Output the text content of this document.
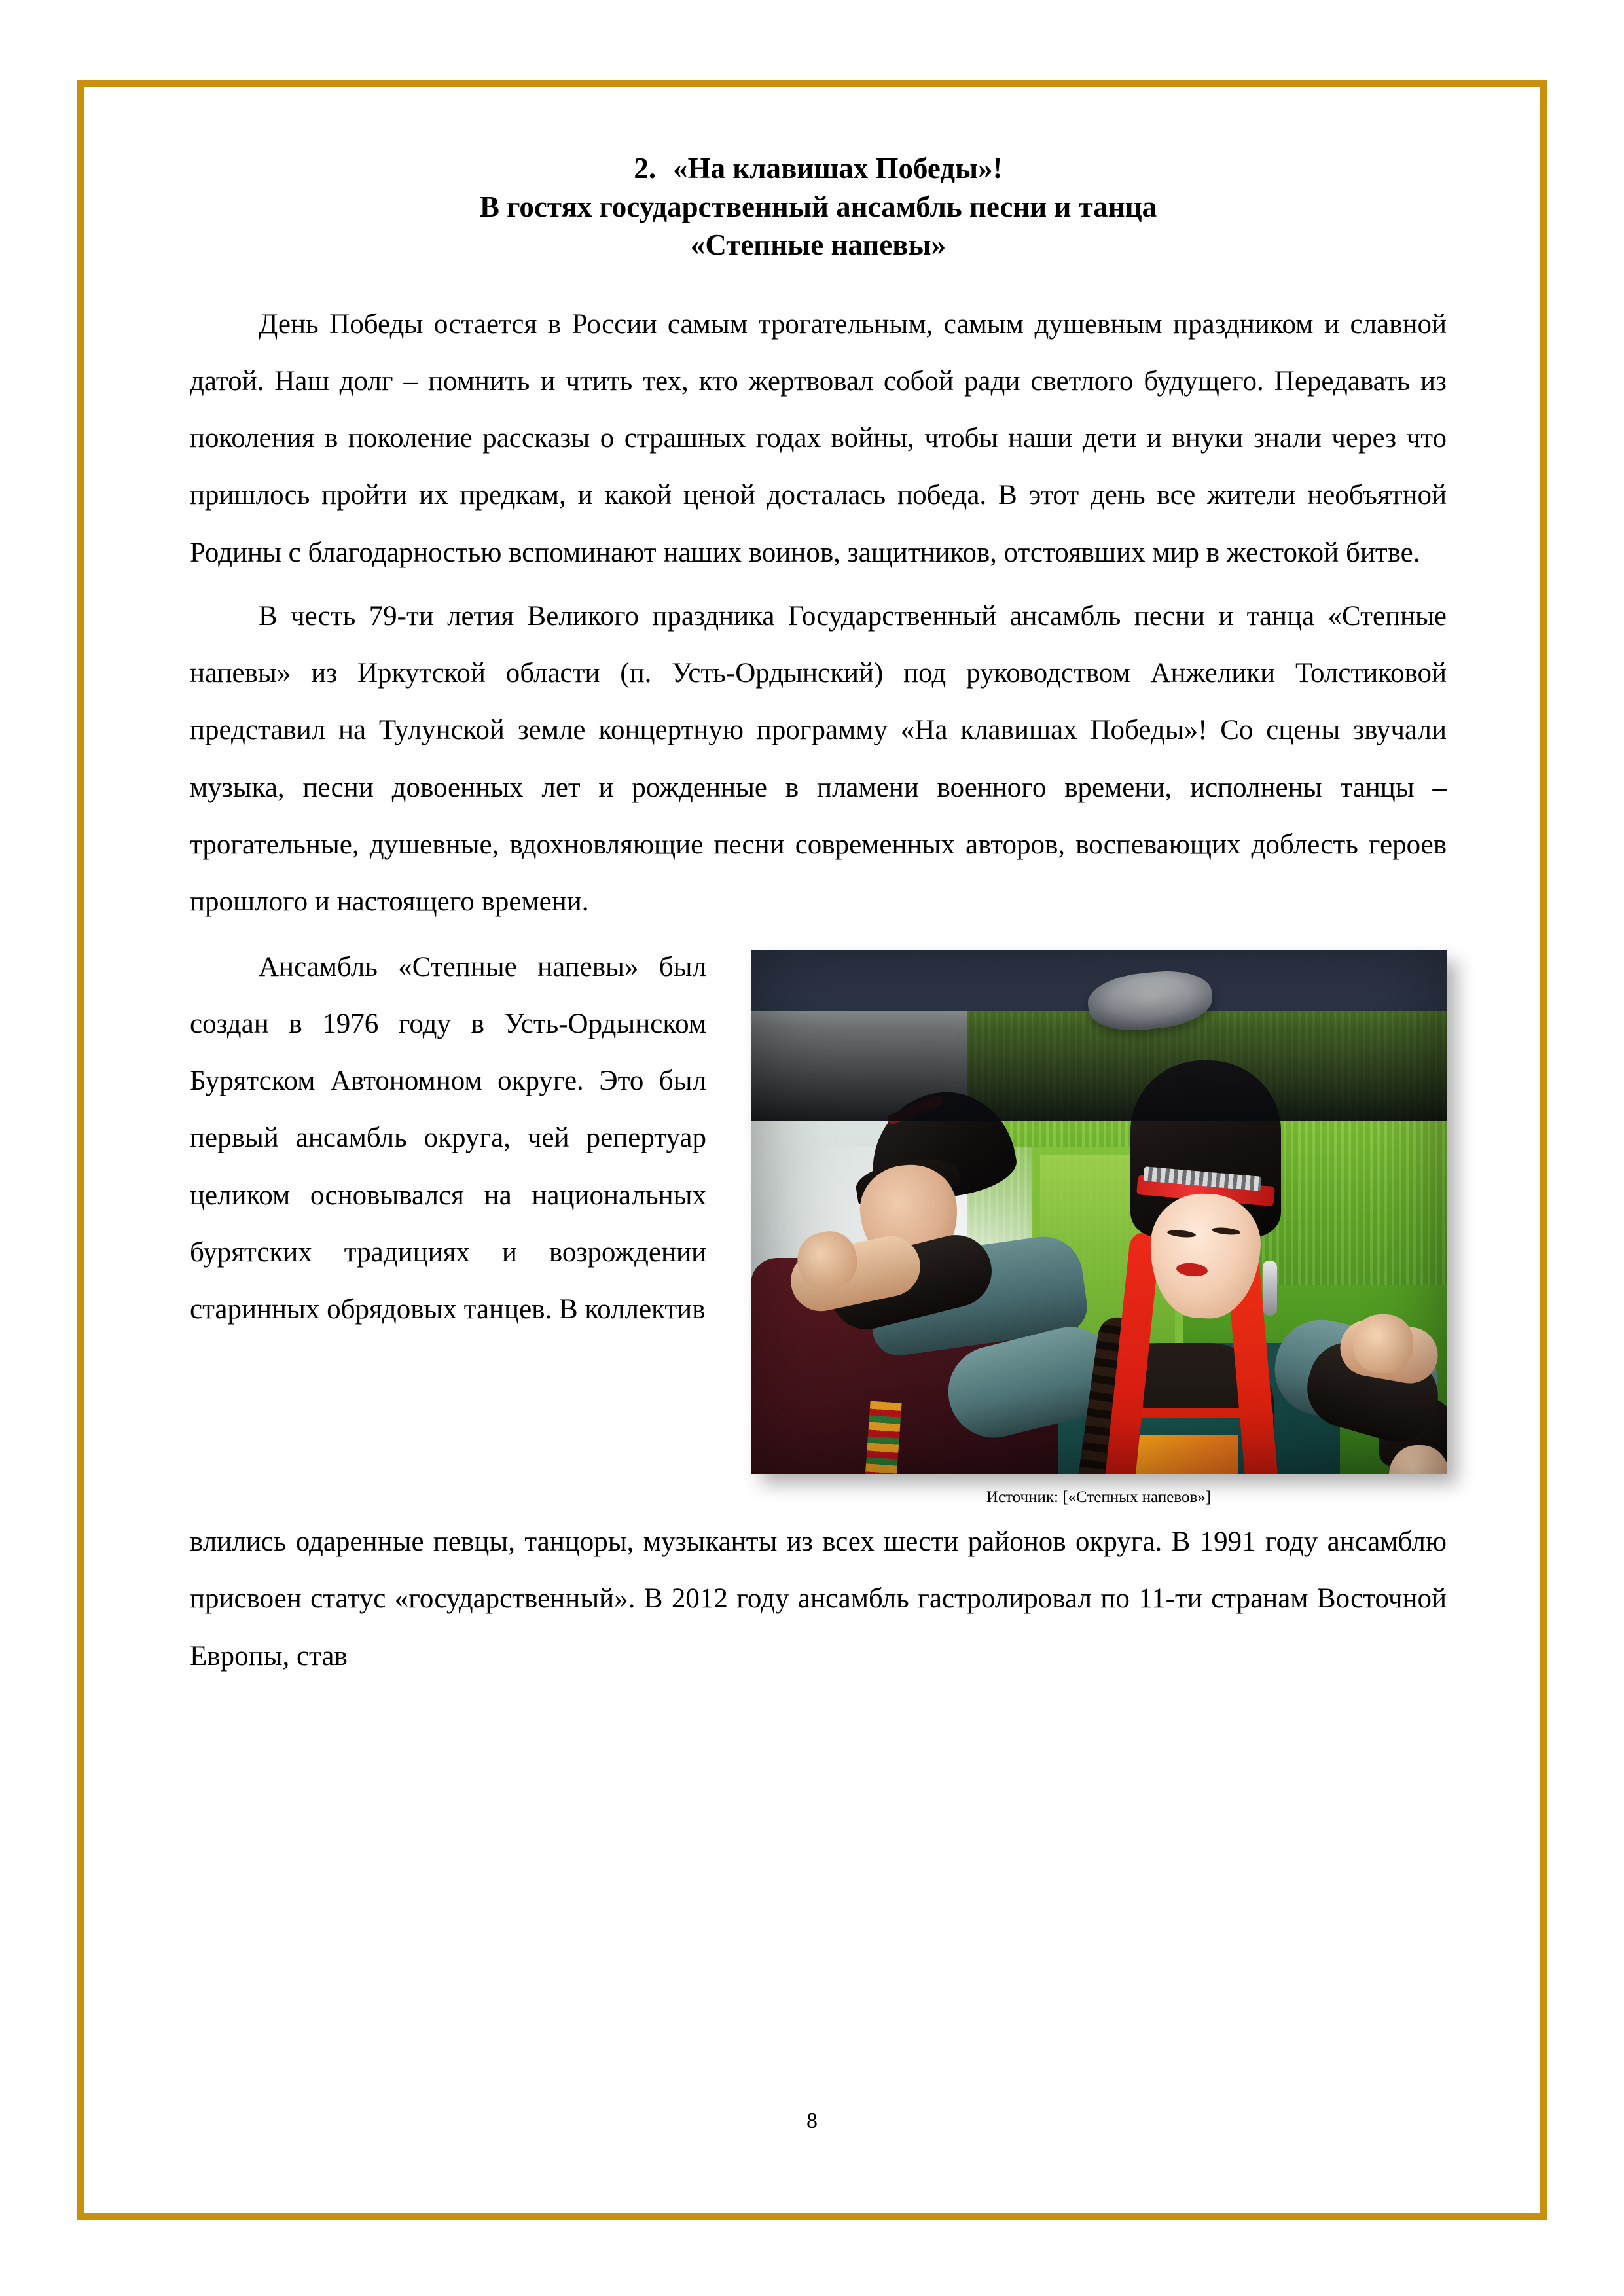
2. «На клавишах Победы»!
В гостях государственный ансамбль песни и танца
«Степные напевы»

День Победы остается в России самым трогательным, самым душевным праздником и славной датой. Наш долг – помнить и чтить тех, кто жертвовал собой ради светлого будущего. Передавать из поколения в поколение рассказы о страшных годах войны, чтобы наши дети и внуки знали через что пришлось пройти их предкам, и какой ценой досталась победа. В этот день все жители необъятной Родины с благодарностью вспоминают наших воинов, защитников, отстоявших мир в жестокой битве.

В честь 79-ти летия Великого праздника Государственный ансамбль песни и танца «Степные напевы» из Иркутской области (п. Усть-Ордынский) под руководством Анжелики Толстиковой представил на Тулунской земле концертную программу «На клавишах Победы»! Со сцены звучали музыка, песни довоенных лет и рожденные в пламени военного времени, исполнены танцы – трогательные, душевные, вдохновляющие песни современных авторов, воспевающих доблесть героев прошлого и настоящего времени.

Источник: [«Степных напевов»]

Ансамбль «Степные напевы» был создан в 1976 году в Усть-Ордынском Бурятском Автономном округе. Это был первый ансамбль округа, чей репертуар целиком основывался на национальных бурятских традициях и возрождении старинных обрядовых танцев. В коллектив

влились одаренные певцы, танцоры, музыканты из всех шести районов округа. В 1991 году ансамблю присвоен статус «государственный». В 2012 году ансамбль гастролировал по 11-ти странам Восточной Европы, став

8
